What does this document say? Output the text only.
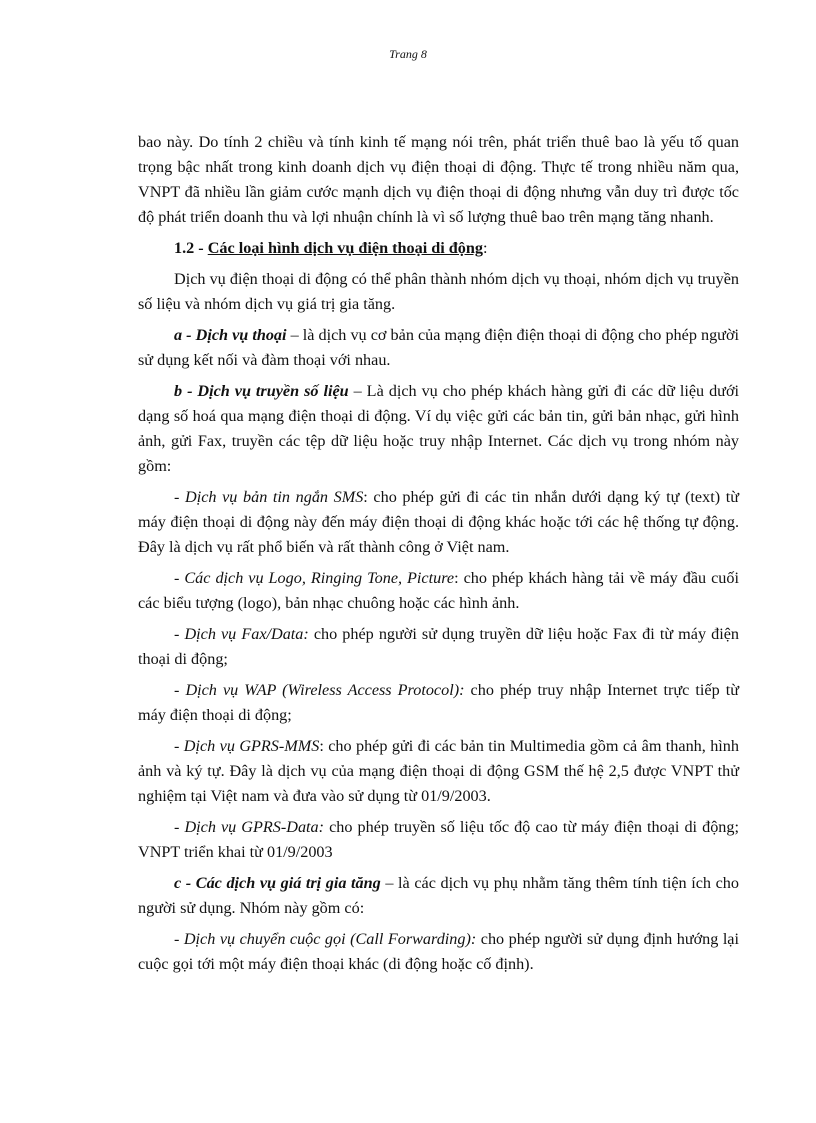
Trang 8

bao này. Do tính 2 chiều và tính kinh tế mạng nói trên, phát triển thuê bao là yếu tố quan trọng bậc nhất trong kinh doanh dịch vụ điện thoại di động. Thực tế trong nhiều năm qua, VNPT đã nhiều lần giảm cước mạnh dịch vụ điện thoại di động nhưng vẫn duy trì được tốc độ phát triển doanh thu và lợi nhuận chính là vì số lượng thuê bao trên mạng tăng nhanh.

1.2 - Các loại hình dịch vụ điện thoại di động:

Dịch vụ điện thoại di động có thể phân thành nhóm dịch vụ thoại, nhóm dịch vụ truyền số liệu và nhóm dịch vụ giá trị gia tăng.

a - Dịch vụ thoại – là dịch vụ cơ bản của mạng điện điện thoại di động cho phép người sử dụng kết nối và đàm thoại với nhau.

b - Dịch vụ truyền số liệu – Là dịch vụ cho phép khách hàng gửi đi các dữ liệu dưới dạng số hoá qua mạng điện thoại di động. Ví dụ việc gửi các bản tin, gửi bản nhạc, gửi hình ảnh, gửi Fax, truyền các tệp dữ liệu hoặc truy nhập Internet. Các dịch vụ trong nhóm này gồm:

- Dịch vụ bản tin ngắn SMS: cho phép gửi đi các tin nhắn dưới dạng ký tự (text) từ máy điện thoại di động này đến máy điện thoại di động khác hoặc tới các hệ thống tự động. Đây là dịch vụ rất phổ biến và rất thành công ở Việt nam.

- Các dịch vụ Logo, Ringing Tone, Picture: cho phép khách hàng tải về máy đầu cuối các biểu tượng (logo), bản nhạc chuông hoặc các hình ảnh.

- Dịch vụ Fax/Data: cho phép người sử dụng truyền dữ liệu hoặc Fax đi từ máy điện thoại di động;

- Dịch vụ WAP (Wireless Access Protocol): cho phép truy nhập Internet trực tiếp từ máy điện thoại di động;

- Dịch vụ GPRS-MMS: cho phép gửi đi các bản tin Multimedia gồm cả âm thanh, hình ảnh và ký tự. Đây là dịch vụ của mạng điện thoại di động GSM thế hệ 2,5 được VNPT thử nghiệm tại Việt nam và đưa vào sử dụng từ 01/9/2003.

- Dịch vụ GPRS-Data: cho phép truyền số liệu tốc độ cao từ máy điện thoại di động; VNPT triển khai từ 01/9/2003

c - Các dịch vụ giá trị gia tăng – là các dịch vụ phụ nhằm tăng thêm tính tiện ích cho người sử dụng. Nhóm này gồm có:

- Dịch vụ chuyển cuộc gọi (Call Forwarding): cho phép người sử dụng định hướng lại cuộc gọi tới một máy điện thoại khác (di động hoặc cố định).
